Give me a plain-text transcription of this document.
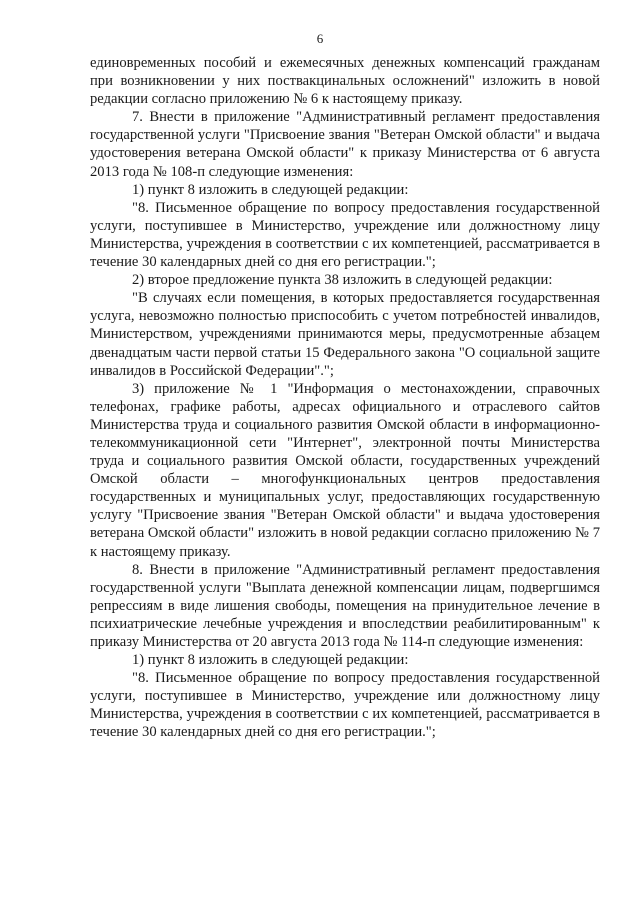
6

единовременных пособий и ежемесячных денежных компенсаций гражданам при возникновении у них поствакцинальных осложнений" изложить в новой редакции согласно приложению № 6 к настоящему приказу.

7. Внести в приложение "Административный регламент предоставления государственной услуги "Присвоение звания "Ветеран Омской области" и выдача удостоверения ветерана Омской области" к приказу Министерства от 6 августа 2013 года № 108-п следующие изменения:

1) пункт 8 изложить в следующей редакции:

"8. Письменное обращение по вопросу предоставления государственной услуги, поступившее в Министерство, учреждение или должностному лицу Министерства, учреждения в соответствии с их компетенцией, рассматривается в течение 30 календарных дней со дня его регистрации.";

2) второе предложение пункта 38 изложить в следующей редакции:

"В случаях если помещения, в которых предоставляется государственная услуга, невозможно полностью приспособить с учетом потребностей инвалидов, Министерством, учреждениями принимаются меры, предусмотренные абзацем двенадцатым части первой статьи 15 Федерального закона "О социальной защите инвалидов в Российской Федерации".";

3) приложение № 1 "Информация о местонахождении, справочных телефонах, графике работы, адресах официального и отраслевого сайтов Министерства труда и социального развития Омской области в информационно-телекоммуникационной сети "Интернет", электронной почты Министерства труда и социального развития Омской области, государственных учреждений Омской области – многофункциональных центров предоставления государственных и муниципальных услуг, предоставляющих государственную услугу "Присвоение звания "Ветеран Омской области" и выдача удостоверения ветерана Омской области" изложить в новой редакции согласно приложению № 7 к настоящему приказу.

8. Внести в приложение "Административный регламент предоставления государственной услуги "Выплата денежной компенсации лицам, подвергшимся репрессиям в виде лишения свободы, помещения на принудительное лечение в психиатрические лечебные учреждения и впоследствии реабилитированным" к приказу Министерства от 20 августа 2013 года № 114-п следующие изменения:

1) пункт 8 изложить в следующей редакции:

"8. Письменное обращение по вопросу предоставления государственной услуги, поступившее в Министерство, учреждение или должностному лицу Министерства, учреждения в соответствии с их компетенцией, рассматривается в течение 30 календарных дней со дня его регистрации.";
